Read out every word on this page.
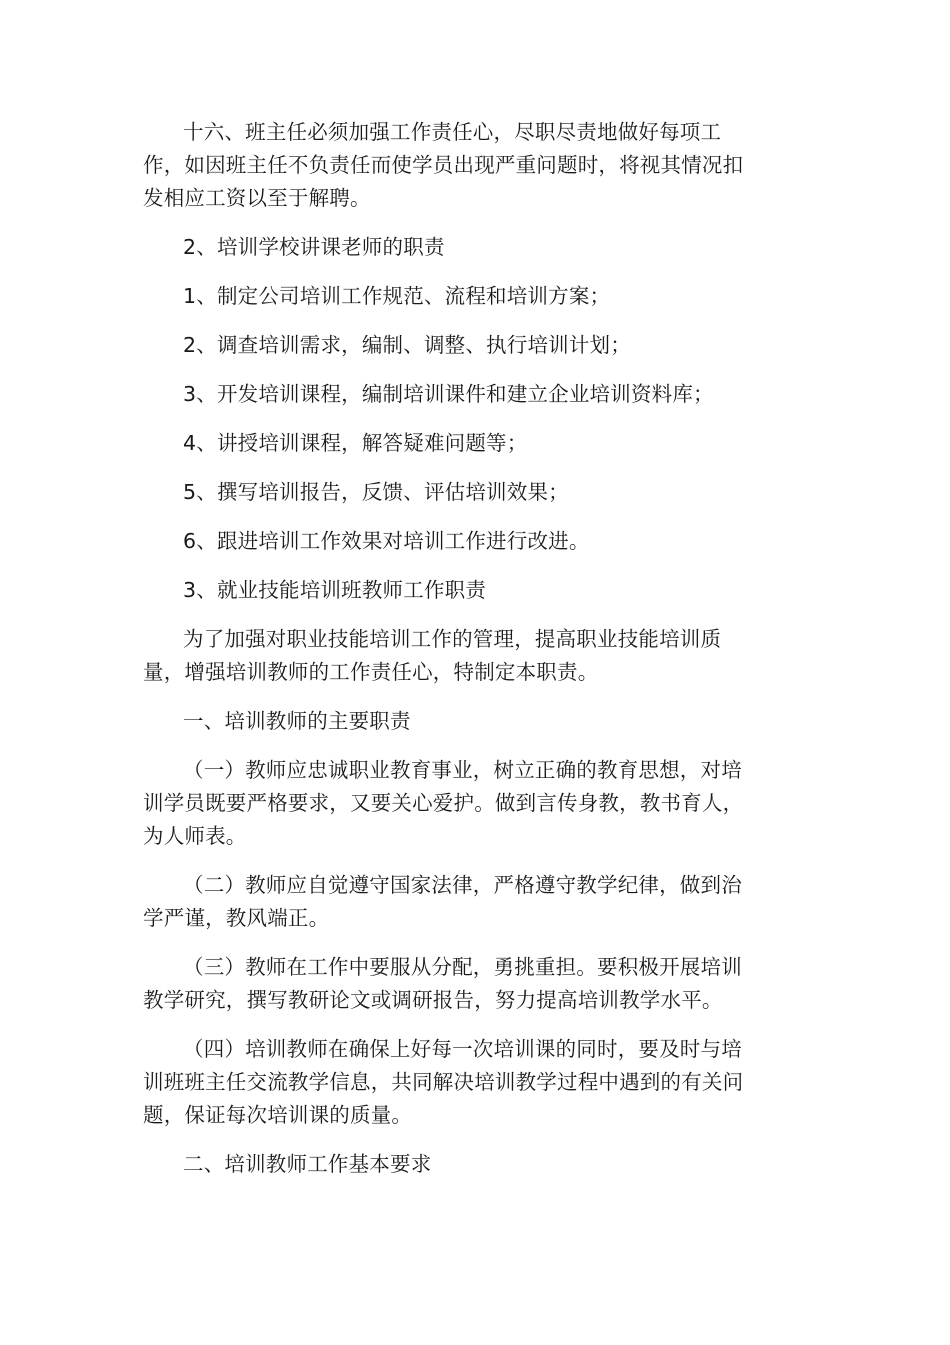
十六、班主任必须加强工作责任心，尽职尽责地做好每项工作，如因班主任不负责任而使学员出现严重问题时，将视其情况扣发相应工资以至于解聘。

2、培训学校讲课老师的职责

1、制定公司培训工作规范、流程和培训方案；

2、调查培训需求，编制、调整、执行培训计划；

3、开发培训课程，编制培训课件和建立企业培训资料库；

4、讲授培训课程，解答疑难问题等；

5、撰写培训报告，反馈、评估培训效果；

6、跟进培训工作效果对培训工作进行改进。

3、就业技能培训班教师工作职责

为了加强对职业技能培训工作的管理，提高职业技能培训质量，增强培训教师的工作责任心，特制定本职责。

一、培训教师的主要职责

（一）教师应忠诚职业教育事业，树立正确的教育思想，对培训学员既要严格要求，又要关心爱护。做到言传身教，教书育人，为人师表。

（二）教师应自觉遵守国家法律，严格遵守教学纪律，做到治学严谨，教风端正。

（三）教师在工作中要服从分配，勇挑重担。要积极开展培训教学研究，撰写教研论文或调研报告，努力提高培训教学水平。

（四）培训教师在确保上好每一次培训课的同时，要及时与培训班班主任交流教学信息，共同解决培训教学过程中遇到的有关问题，保证每次培训课的质量。

二、培训教师工作基本要求
